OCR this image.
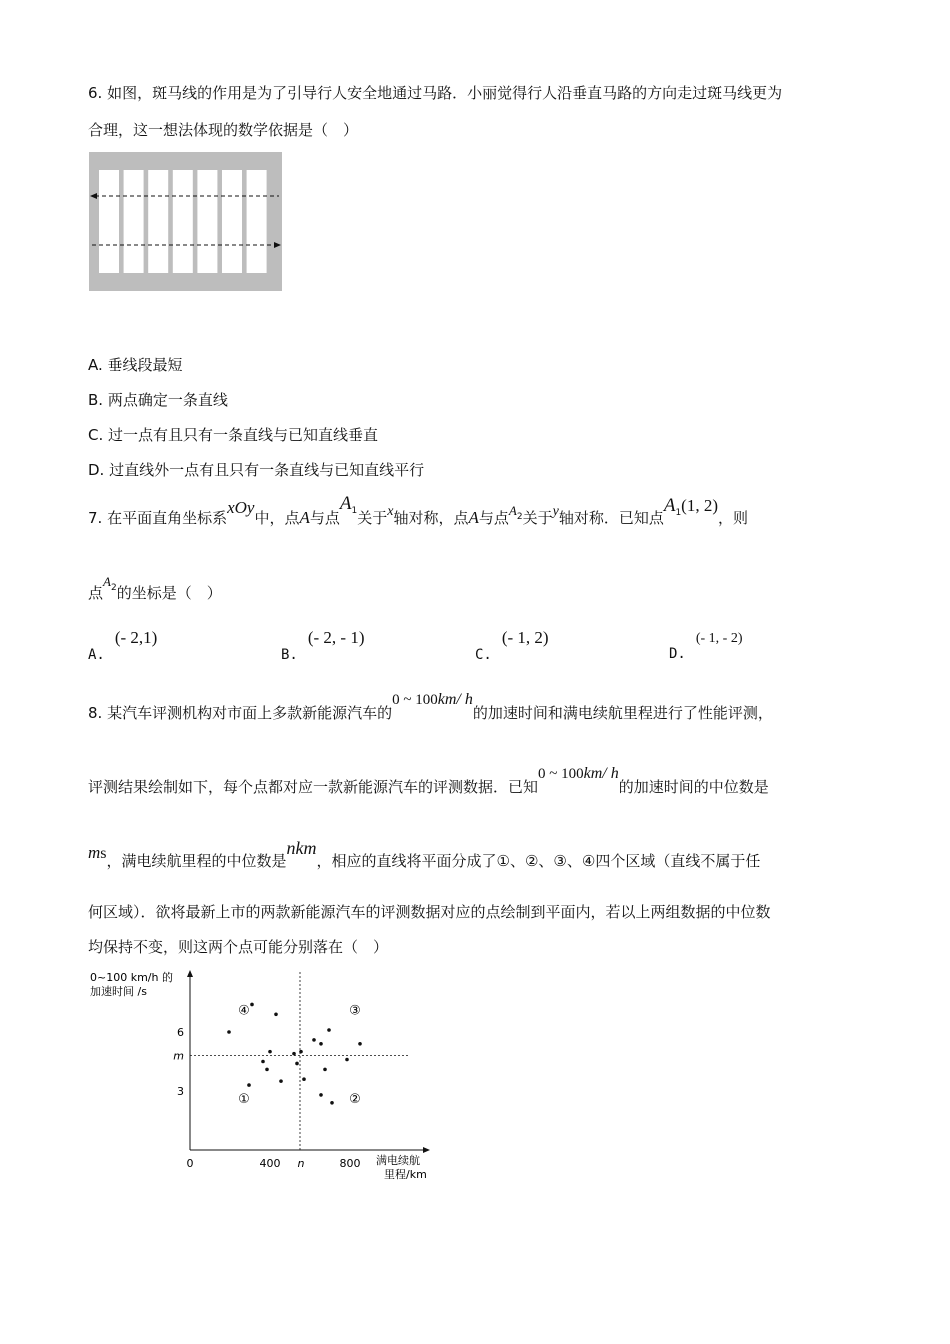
6. 如图，斑马线的作用是为了引导行人安全地通过马路．小丽觉得行人沿垂直马路的方向走过斑马线更为
合理，这一想法体现的数学依据是（　）
A. 垂线段最短
B. 两点确定一条直线
C. 过一点有且只有一条直线与已知直线垂直
D. 过直线外一点有且只有一条直线与已知直线平行
7. 在平面直角坐标系xOy中，点A与点$A_1$关于x轴对称，点A与点$A_2$关于y轴对称．已知点$A_1(1$, 2)，则
点$A_2$的坐标是（　）
A.(- 2,1)
B.(- 2, - 1)
C.(- 1, 2)
D.(- 1, - 2)
8. 某汽车评测机构对市面上多款新能源汽车的0 ~ 100km/ h的加速时间和满电续航里程进行了性能评测，
评测结果绘制如下，每个点都对应一款新能源汽车的评测数据．已知0 ~ 100km/ h的加速时间的中位数是
ms，满电续航里程的中位数是nkm，相应的直线将平面分成了①、②、③、④四个区域（直线不属于任
何区域）．欲将最新上市的两款新能源汽车的评测数据对应的点绘制到平面内，若以上两组数据的中位数
均保持不变，则这两个点可能分别落在（　）
0~100 km/h 的
加速时间 /s
满电续航
里程/km
0	400	800
n
3
6
m
④	③
①	②
